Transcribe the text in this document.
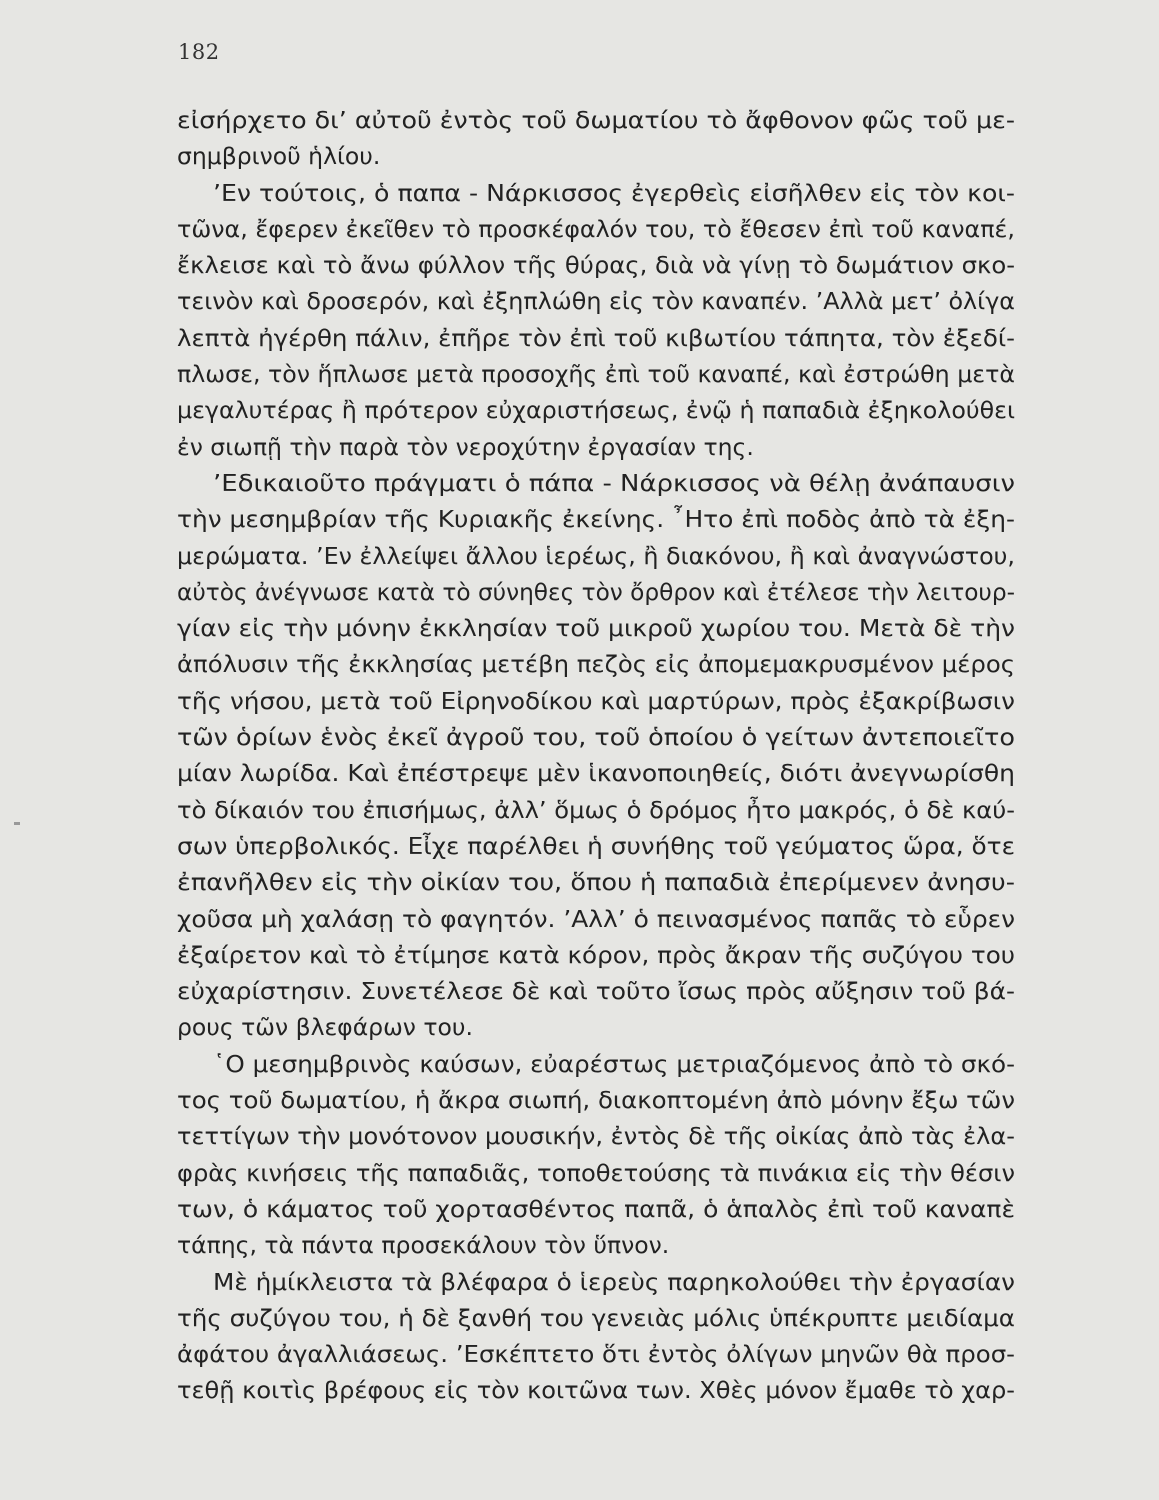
182
εἰσήρχετο δι’ αὐτοῦ ἐντὸς τοῦ δωματίου τὸ ἄφθονον φῶς τοῦ με-
σημβρινοῦ ἡλίου.
’Εν τούτοις, ὁ παπα - Νάρκισσος ἐγερθεὶς εἰσῆλθεν εἰς τὸν κοι-
τῶνα, ἔφερεν ἐκεῖθεν τὸ προσκέφαλόν του, τὸ ἔθεσεν ἐπὶ τοῦ καναπέ,
ἔκλεισε καὶ τὸ ἄνω φύλλον τῆς θύρας, διὰ νὰ γίνῃ τὸ δωμάτιον σκο-
τεινὸν καὶ δροσερόν, καὶ ἐξηπλώθη εἰς τὸν καναπέν. ’Αλλὰ μετ’ ὀλίγα
λεπτὰ ἠγέρθη πάλιν, ἐπῆρε τὸν ἐπὶ τοῦ κιβωτίου τάπητα, τὸν ἐξεδί-
πλωσε, τὸν ἥπλωσε μετὰ προσοχῆς ἐπὶ τοῦ καναπέ, καὶ ἐστρώθη μετὰ
μεγαλυτέρας ἢ πρότερον εὐχαριστήσεως, ἐνῷ ἡ παπαδιὰ ἐξηκολούθει
ἐν σιωπῇ τὴν παρὰ τὸν νεροχύτην ἐργασίαν της.
’Εδικαιοῦτο πράγματι ὁ πάπα - Νάρκισσος νὰ θέλῃ ἀνάπαυσιν
τὴν μεσημβρίαν τῆς Κυριακῆς ἐκείνης. ῏Ητο ἐπὶ ποδὸς ἀπὸ τὰ ἐξη-
μερώματα. ’Εν ἐλλείψει ἄλλου ἱερέως, ἢ διακόνου, ἢ καὶ ἀναγνώστου,
αὐτὸς ἀνέγνωσε κατὰ τὸ σύνηθες τὸν ὄρθρον καὶ ἐτέλεσε τὴν λειτουρ-
γίαν εἰς τὴν μόνην ἐκκλησίαν τοῦ μικροῦ χωρίου του. Μετὰ δὲ τὴν
ἀπόλυσιν τῆς ἐκκλησίας μετέβη πεζὸς εἰς ἀπομεμακρυσμένον μέρος
τῆς νήσου, μετὰ τοῦ Εἰρηνοδίκου καὶ μαρτύρων, πρὸς ἐξακρίβωσιν
τῶν ὁρίων ἑνὸς ἐκεῖ ἀγροῦ του, τοῦ ὁποίου ὁ γείτων ἀντεποιεῖτο
μίαν λωρίδα. Καὶ ἐπέστρεψε μὲν ἱκανοποιηθείς, διότι ἀνεγνωρίσθη
τὸ δίκαιόν του ἐπισήμως, ἀλλ’ ὅμως ὁ δρόμος ἦτο μακρός, ὁ δὲ καύ-
σων ὑπερβολικός. Εἶχε παρέλθει ἡ συνήθης τοῦ γεύματος ὥρα, ὅτε
ἐπανῆλθεν εἰς τὴν οἰκίαν του, ὅπου ἡ παπαδιὰ ἐπερίμενεν ἀνησυ-
χοῦσα μὴ χαλάσῃ τὸ φαγητόν. ’Αλλ’ ὁ πεινασμένος παπᾶς τὸ εὗρεν
ἐξαίρετον καὶ τὸ ἐτίμησε κατὰ κόρον, πρὸς ἄκραν τῆς συζύγου του
εὐχαρίστησιν. Συνετέλεσε δὲ καὶ τοῦτο ἴσως πρὸς αὔξησιν τοῦ βά-
ρους τῶν βλεφάρων του.
῾Ο μεσημβρινὸς καύσων, εὐαρέστως μετριαζόμενος ἀπὸ τὸ σκό-
τος τοῦ δωματίου, ἡ ἄκρα σιωπή, διακοπτομένη ἀπὸ μόνην ἔξω τῶν
τεττίγων τὴν μονότονον μουσικήν, ἐντὸς δὲ τῆς οἰκίας ἀπὸ τὰς ἐλα-
φρὰς κινήσεις τῆς παπαδιᾶς, τοποθετούσης τὰ πινάκια εἰς τὴν θέσιν
των, ὁ κάματος τοῦ χορτασθέντος παπᾶ, ὁ ἁπαλὸς ἐπὶ τοῦ καναπὲ
τάπης, τὰ πάντα προσεκάλουν τὸν ὕπνον.
Μὲ ἡμίκλειστα τὰ βλέφαρα ὁ ἱερεὺς παρηκολούθει τὴν ἐργασίαν
τῆς συζύγου του, ἡ δὲ ξανθή του γενειὰς μόλις ὑπέκρυπτε μειδίαμα
ἀφάτου ἀγαλλιάσεως. ’Εσκέπτετο ὅτι ἐντὸς ὀλίγων μηνῶν θὰ προσ-
τεθῇ κοιτὶς βρέφους εἰς τὸν κοιτῶνα των. Χθὲς μόνον ἔμαθε τὸ χαρ-
